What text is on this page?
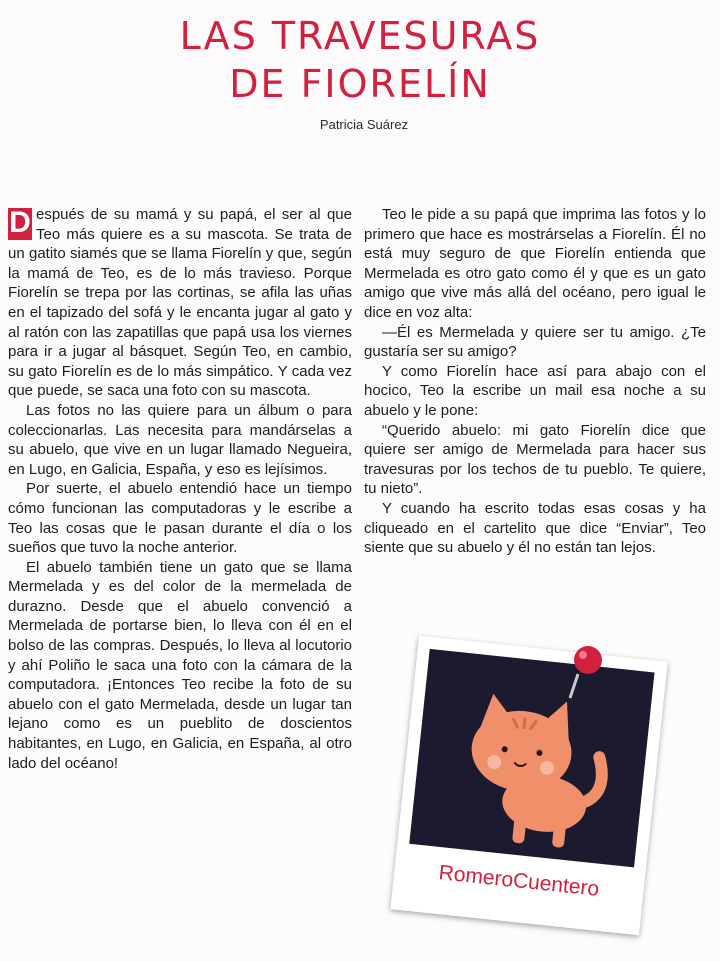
LAS TRAVESURAS
DE FIORELÍN
Patricia Suárez

D espués de su mamá y su papá, el ser al que Teo más quiere es a su mascota. Se trata de un gatito siamés que se llama Fiorelín y que, según la mamá de Teo, es de lo más travieso. Porque Fiorelín se trepa por las cortinas, se afila las uñas en el tapizado del sofá y le encanta jugar al gato y al ratón con las zapatillas que papá usa los viernes para ir a jugar al básquet. Según Teo, en cambio, su gato Fiorelín es de lo más simpático. Y cada vez que puede, se saca una foto con su mascota.

Las fotos no las quiere para un álbum o para coleccionarlas. Las necesita para mandárselas a su abuelo, que vive en un lugar llamado Negueira, en Lugo, en Galicia, España, y eso es lejísimos.

Por suerte, el abuelo entendió hace un tiempo cómo funcionan las computadoras y le escribe a Teo las cosas que le pasan durante el día o los sueños que tuvo la noche anterior.

El abuelo también tiene un gato que se llama Mermelada y es del color de la mermelada de durazno. Desde que el abuelo convenció a Mermelada de portarse bien, lo lleva con él en el bolso de las compras. Después, lo lleva al locutorio y ahí Poliño le saca una foto con la cámara de la computadora. ¡Entonces Teo recibe la foto de su abuelo con el gato Mermelada, desde un lugar tan lejano como es un pueblito de doscientos habitantes, en Lugo, en Galicia, en España, al otro lado del océano!

Teo le pide a su papá que imprima las fotos y lo primero que hace es mostrárselas a Fiorelín. Él no está muy seguro de que Fiorelín entienda que Mermelada es otro gato como él y que es un gato amigo que vive más allá del océano, pero igual le dice en voz alta:

—Él es Mermelada y quiere ser tu amigo. ¿Te gustaría ser su amigo?

Y como Fiorelín hace así para abajo con el hocico, Teo la escribe un mail esa noche a su abuelo y le pone:

“Querido abuelo: mi gato Fiorelín dice que quiere ser amigo de Mermelada para hacer sus travesuras por los techos de tu pueblo. Te quiere, tu nieto”.

Y cuando ha escrito todas esas cosas y ha cliqueado en el cartelito que dice “Enviar”, Teo siente que su abuelo y él no están tan lejos.

RomeroCuentero
